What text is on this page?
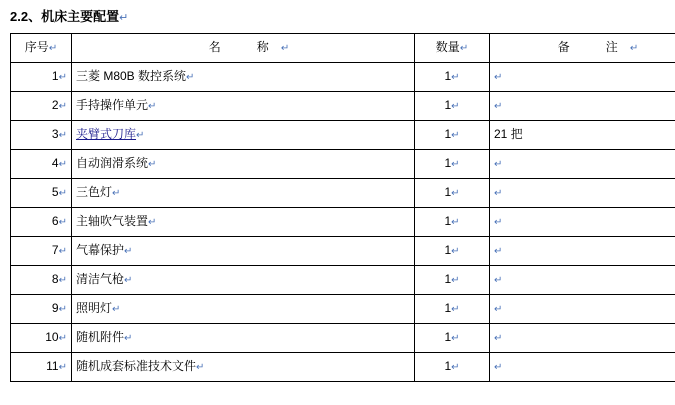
2.2、机床主要配置↵
序号↵	名　称↵	数量↵	备　注↵	
1↵	三菱 M80B 数控系统↵	1↵	↵	
2↵	手持操作单元↵	1↵	↵	
3↵	夹臂式刀库↵	1↵	21 把	
4↵	自动润滑系统↵	1↵	↵	
5↵	三色灯↵	1↵	↵	
6↵	主轴吹气装置↵	1↵	↵	
7↵	气幕保护↵	1↵	↵	
8↵	清洁气枪↵	1↵	↵	
9↵	照明灯↵	1↵	↵	
10↵	随机附件↵	1↵	↵	
11↵	随机成套标准技术文件↵	1↵	↵	
